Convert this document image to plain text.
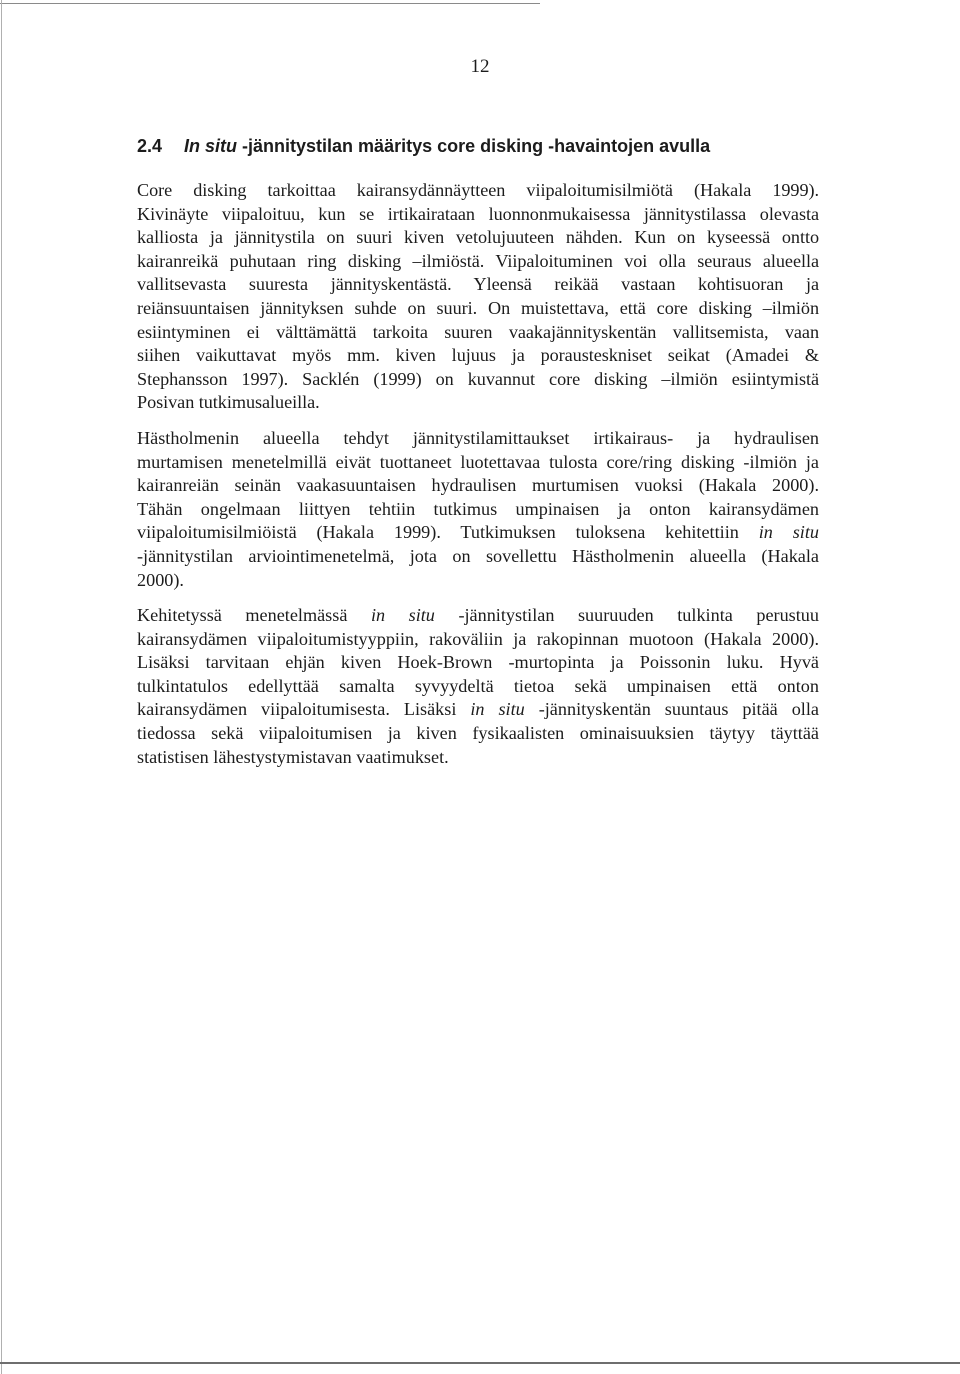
12
2.4 In situ -jännitystilan määritys core disking -havaintojen avulla

Core disking tarkoittaa kairansydännäytteen viipaloitumisilmiötä (Hakala 1999).
Kivinäyte viipaloituu, kun se irtikairataan luonnonmukaisessa jännitystilassa olevasta
kalliosta ja jännitystila on suuri kiven vetolujuuteen nähden. Kun on kyseessä ontto
kairanreikä puhutaan ring disking –ilmiöstä. Viipaloituminen voi olla seuraus alueella
vallitsevasta suuresta jännityskentästä. Yleensä reikää vastaan kohtisuoran ja
reiänsuuntaisen jännityksen suhde on suuri. On muistettava, että core disking –ilmiön
esiintyminen ei välttämättä tarkoita suuren vaakajännityskentän vallitsemista, vaan
siihen vaikuttavat myös mm. kiven lujuus ja porausteskniset seikat (Amadei &
Stephansson 1997). Sacklén (1999) on kuvannut core disking –ilmiön esiintymistä
Posivan tutkimusalueilla.

Hästholmenin alueella tehdyt jännitystilamittaukset irtikairaus- ja hydraulisen
murtamisen menetelmillä eivät tuottaneet luotettavaa tulosta core/ring disking -ilmiön ja
kairanreiän seinän vaakasuuntaisen hydraulisen murtumisen vuoksi (Hakala 2000).
Tähän ongelmaan liittyen tehtiin tutkimus umpinaisen ja onton kairansydämen
viipaloitumisilmiöistä (Hakala 1999). Tutkimuksen tuloksena kehitettiin in situ
-jännitystilan arviointimenetelmä, jota on sovellettu Hästholmenin alueella (Hakala
2000).

Kehitetyssä menetelmässä in situ -jännitystilan suuruuden tulkinta perustuu
kairansydämen viipaloitumistyyppiin, rakoväliin ja rakopinnan muotoon (Hakala 2000).
Lisäksi tarvitaan ehjän kiven Hoek-Brown -murtopinta ja Poissonin luku. Hyvä
tulkintatulos edellyttää samalta syvyydeltä tietoa sekä umpinaisen että onton
kairansydämen viipaloitumisesta. Lisäksi in situ -jännityskentän suuntaus pitää olla
tiedossa sekä viipaloitumisen ja kiven fysikaalisten ominaisuuksien täytyy täyttää
statistisen lähestystymistavan vaatimukset.
